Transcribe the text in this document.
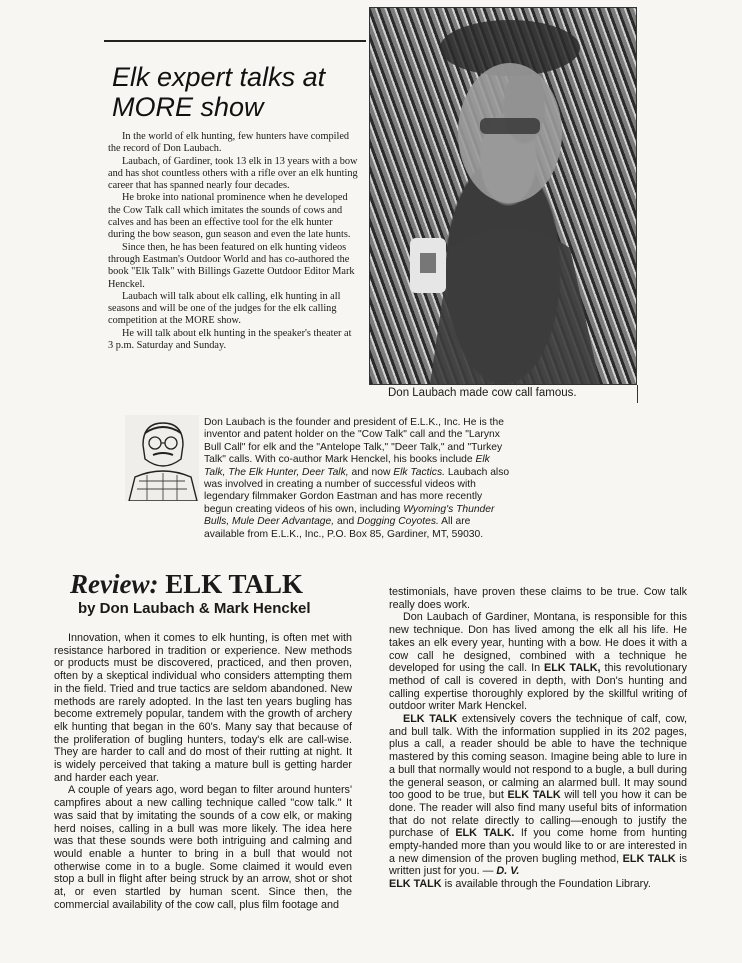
Elk expert talks at MORE show

In the world of elk hunting, few hunters have compiled the record of Don Laubach.

Laubach, of Gardiner, took 13 elk in 13 years with a bow and has shot countless others with a rifle over an elk hunting career that has spanned nearly four decades.

He broke into national prominence when he developed the Cow Talk call which imitates the sounds of cows and calves and has been an effective tool for the elk hunter during the bow season, gun season and even the late hunts.

Since then, he has been featured on elk hunting videos through Eastman's Outdoor World and has co-authored the book "Elk Talk" with Billings Gazette Outdoor Editor Mark Henckel.

Laubach will talk about elk calling, elk hunting in all seasons and will be one of the judges for the elk calling competition at the MORE show.

He will talk about elk hunting in the speaker's theater at 3 p.m. Saturday and Sunday.

Don Laubach made cow call famous.
Don Laubach is the founder and president of E.L.K., Inc. He is the inventor and patent holder on the "Cow Talk" call and the "Larynx Bull Call" for elk and the "Antelope Talk," "Deer Talk," and "Turkey Talk" calls. With co-author Mark Henckel, his books include Elk Talk, The Elk Hunter, Deer Talk, and now Elk Tactics. Laubach also was involved in creating a number of successful videos with legendary filmmaker Gordon Eastman and has more recently begun creating videos of his own, including Wyoming's Thunder Bulls, Mule Deer Advantage, and Dogging Coyotes. All are available from E.L.K., Inc., P.O. Box 85, Gardiner, MT, 59030.
Review: ELK TALK
by Don Laubach & Mark Henckel

Innovation, when it comes to elk hunting, is often met with resistance harbored in tradition or experience. New methods or products must be discovered, practiced, and then proven, often by a skeptical individual who considers attempting them in the field. Tried and true tactics are seldom abandoned. New methods are rarely adopted. In the last ten years bugling has become extremely popular, tandem with the growth of archery elk hunting that began in the 60's. Many say that because of the proliferation of bugling hunters, today's elk are call-wise. They are harder to call and do most of their rutting at night. It is widely perceived that taking a mature bull is getting harder and harder each year.

A couple of years ago, word began to filter around hunters' campfires about a new calling technique called "cow talk." It was said that by imitating the sounds of a cow elk, or making herd noises, calling in a bull was more likely. The idea here was that these sounds were both intriguing and calming and would enable a hunter to bring in a bull that would not otherwise come in to a bugle. Some claimed it would even stop a bull in flight after being struck by an arrow, shot or shot at, or even startled by human scent. Since then, the commercial availability of the cow call, plus film footage and

testimonials, have proven these claims to be true. Cow talk really does work.

Don Laubach of Gardiner, Montana, is responsible for this new technique. Don has lived among the elk all his life. He takes an elk every year, hunting with a bow. He does it with a cow call he designed, combined with a technique he developed for using the call. In ELK TALK, this revolutionary method of call is covered in depth, with Don's hunting and calling expertise thoroughly explored by the skillful writing of outdoor writer Mark Henckel.

ELK TALK extensively covers the technique of calf, cow, and bull talk. With the information supplied in its 202 pages, plus a call, a reader should be able to have the technique mastered by this coming season. Imagine being able to lure in a bull that normally would not respond to a bugle, a bull during the general season, or calming an alarmed bull. It may sound too good to be true, but ELK TALK will tell you how it can be done. The reader will also find many useful bits of information that do not relate directly to calling—enough to justify the purchase of ELK TALK. If you come home from hunting empty-handed more than you would like to or are interested in a new dimension of the proven bugling method, ELK TALK is written just for you. — D. V.

ELK TALK is available through the Foundation Library.
